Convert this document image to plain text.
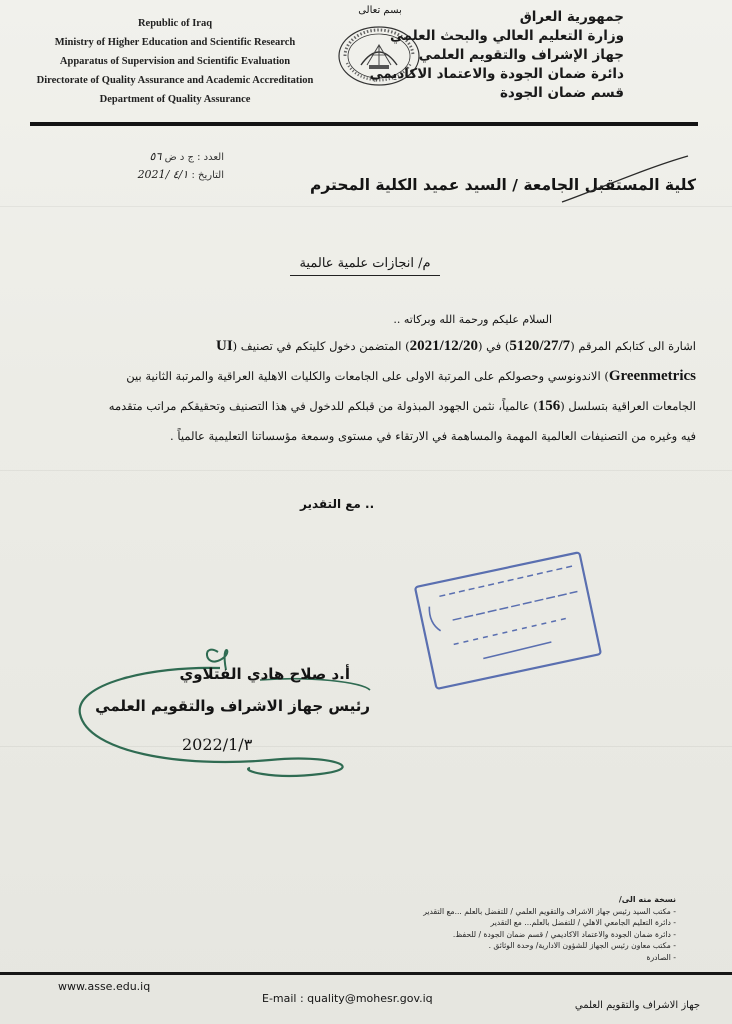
Republic of Iraq
Ministry of Higher Education and Scientific Research
Apparatus of Supervision and Scientific Evaluation
Directorate of Quality Assurance and Academic Accreditation
Department of Quality Assurance
بسم تعالى	جمهورية العراق
وزارة التعليم العالي والبحث العلمي
جهاز الإشراف والتقويم العلمي
دائرة ضمان الجودة والاعتماد الاكاديمي
قسم ضمان الجودة
العدد : ج د ض ٥٦
التاريخ : ٤/١ /2021
كلية المستقبل الجامعة / السيد عميد الكلية المحترم
م/ انجازات علمية عالمية
السلام عليكم ورحمة الله وبركاته ..
اشارة الى كتابكم المرقم (5120/27/7) في (2021/12/20) المتضمن دخول كليتكم في تصنيف (UI
Greenmetrics) الاندونوسي وحصولكم على المرتبة الاولى على الجامعات والكليات الاهلية العراقية والمرتبة الثانية بين
الجامعات العراقية بتسلسل (156) عالمياً، نثمن الجهود المبذولة من قبلكم للدخول في هذا التصنيف وتحقيقكم مراتب متقدمه
فيه وغيره من التصنيفات العالمية المهمة والمساهمة في الارتقاء في مستوى وسمعة مؤسساتنا التعليمية عالمياً .
.. مع التقدير
أ.د صلاح هادي الفتلاوي
رئيس جهاز الاشراف والتقويم العلمي
2022/1/٣
نسخة منه الى/
- مكتب السيد رئيس جهاز الاشراف والتقويم العلمي / للتفضل بالعلم ...مع التقدير
- دائرة التعليم الجامعي الاهلي / للتفضل بالعلم... مع التقدير
- دائرة ضمان الجودة والاعتماد الاكاديمي / قسم ضمان الجودة / للحفظ.
- مكتب معاون رئيس الجهاز للشؤون الادارية/ وحدة الوثائق .
- الصادرة
www.asse.edu.iq
E-mail : quality@mohesr.gov.iq
جهاز الاشراف والتقويم العلمي
